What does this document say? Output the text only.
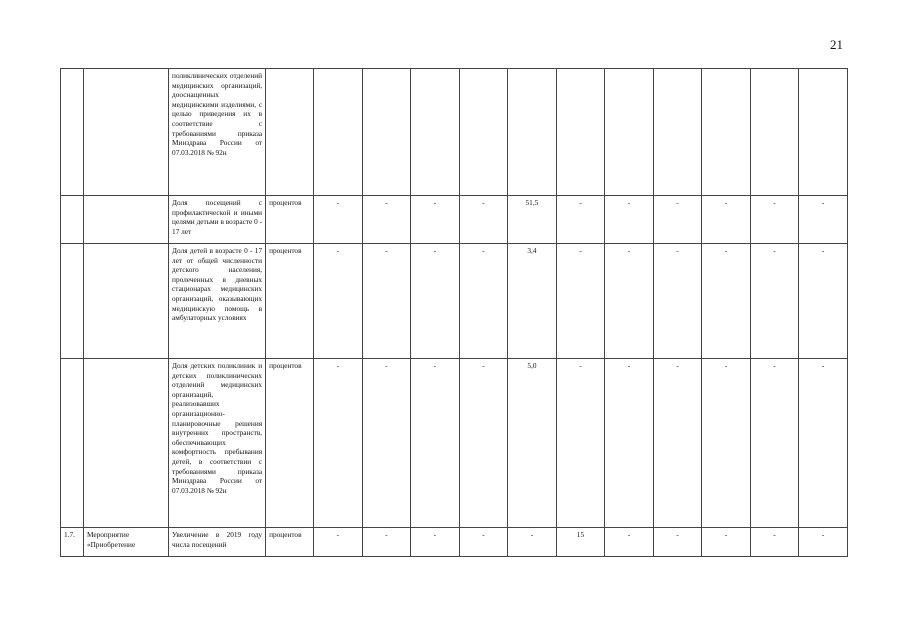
21
		поликлинических отделений медицинских организаций, дооснащенных медицинскими изделиями, с целью приведения их в соответствие с требованиями приказа Минздрава России от 07.03.2018 № 92н												
		Доля посещений с профилактической и иными целями детьми в возрасте 0 - 17 лет	процентов	-	-	-	-	51,5	-	-	-	-	-	-
		Доля детей в возрасте 0 - 17 лет от общей численности детского населения, пролеченных в дневных стационарах медицинских организаций, оказывающих медицинскую помощь в амбулаторных условиях	процентов	-	-	-	-	3,4	-	-	-	-	-	-
		Доля детских поликлиник и детских поликлинических отделений медицинских организаций, реализовавших организационно-планировочные решения внутренних пространств, обеспечивающих комфортность пребывания детей, в соответствии с требованиями приказа Минздрава России от 07.03.2018 № 92н	процентов	-	-	-	-	5,0	-	-	-	-	-	-
1.7.	Мероприятие «Приобретение	Увеличение в 2019 году числа посещений	процентов	-	-	-	-	-	15	-	-	-	-	-
